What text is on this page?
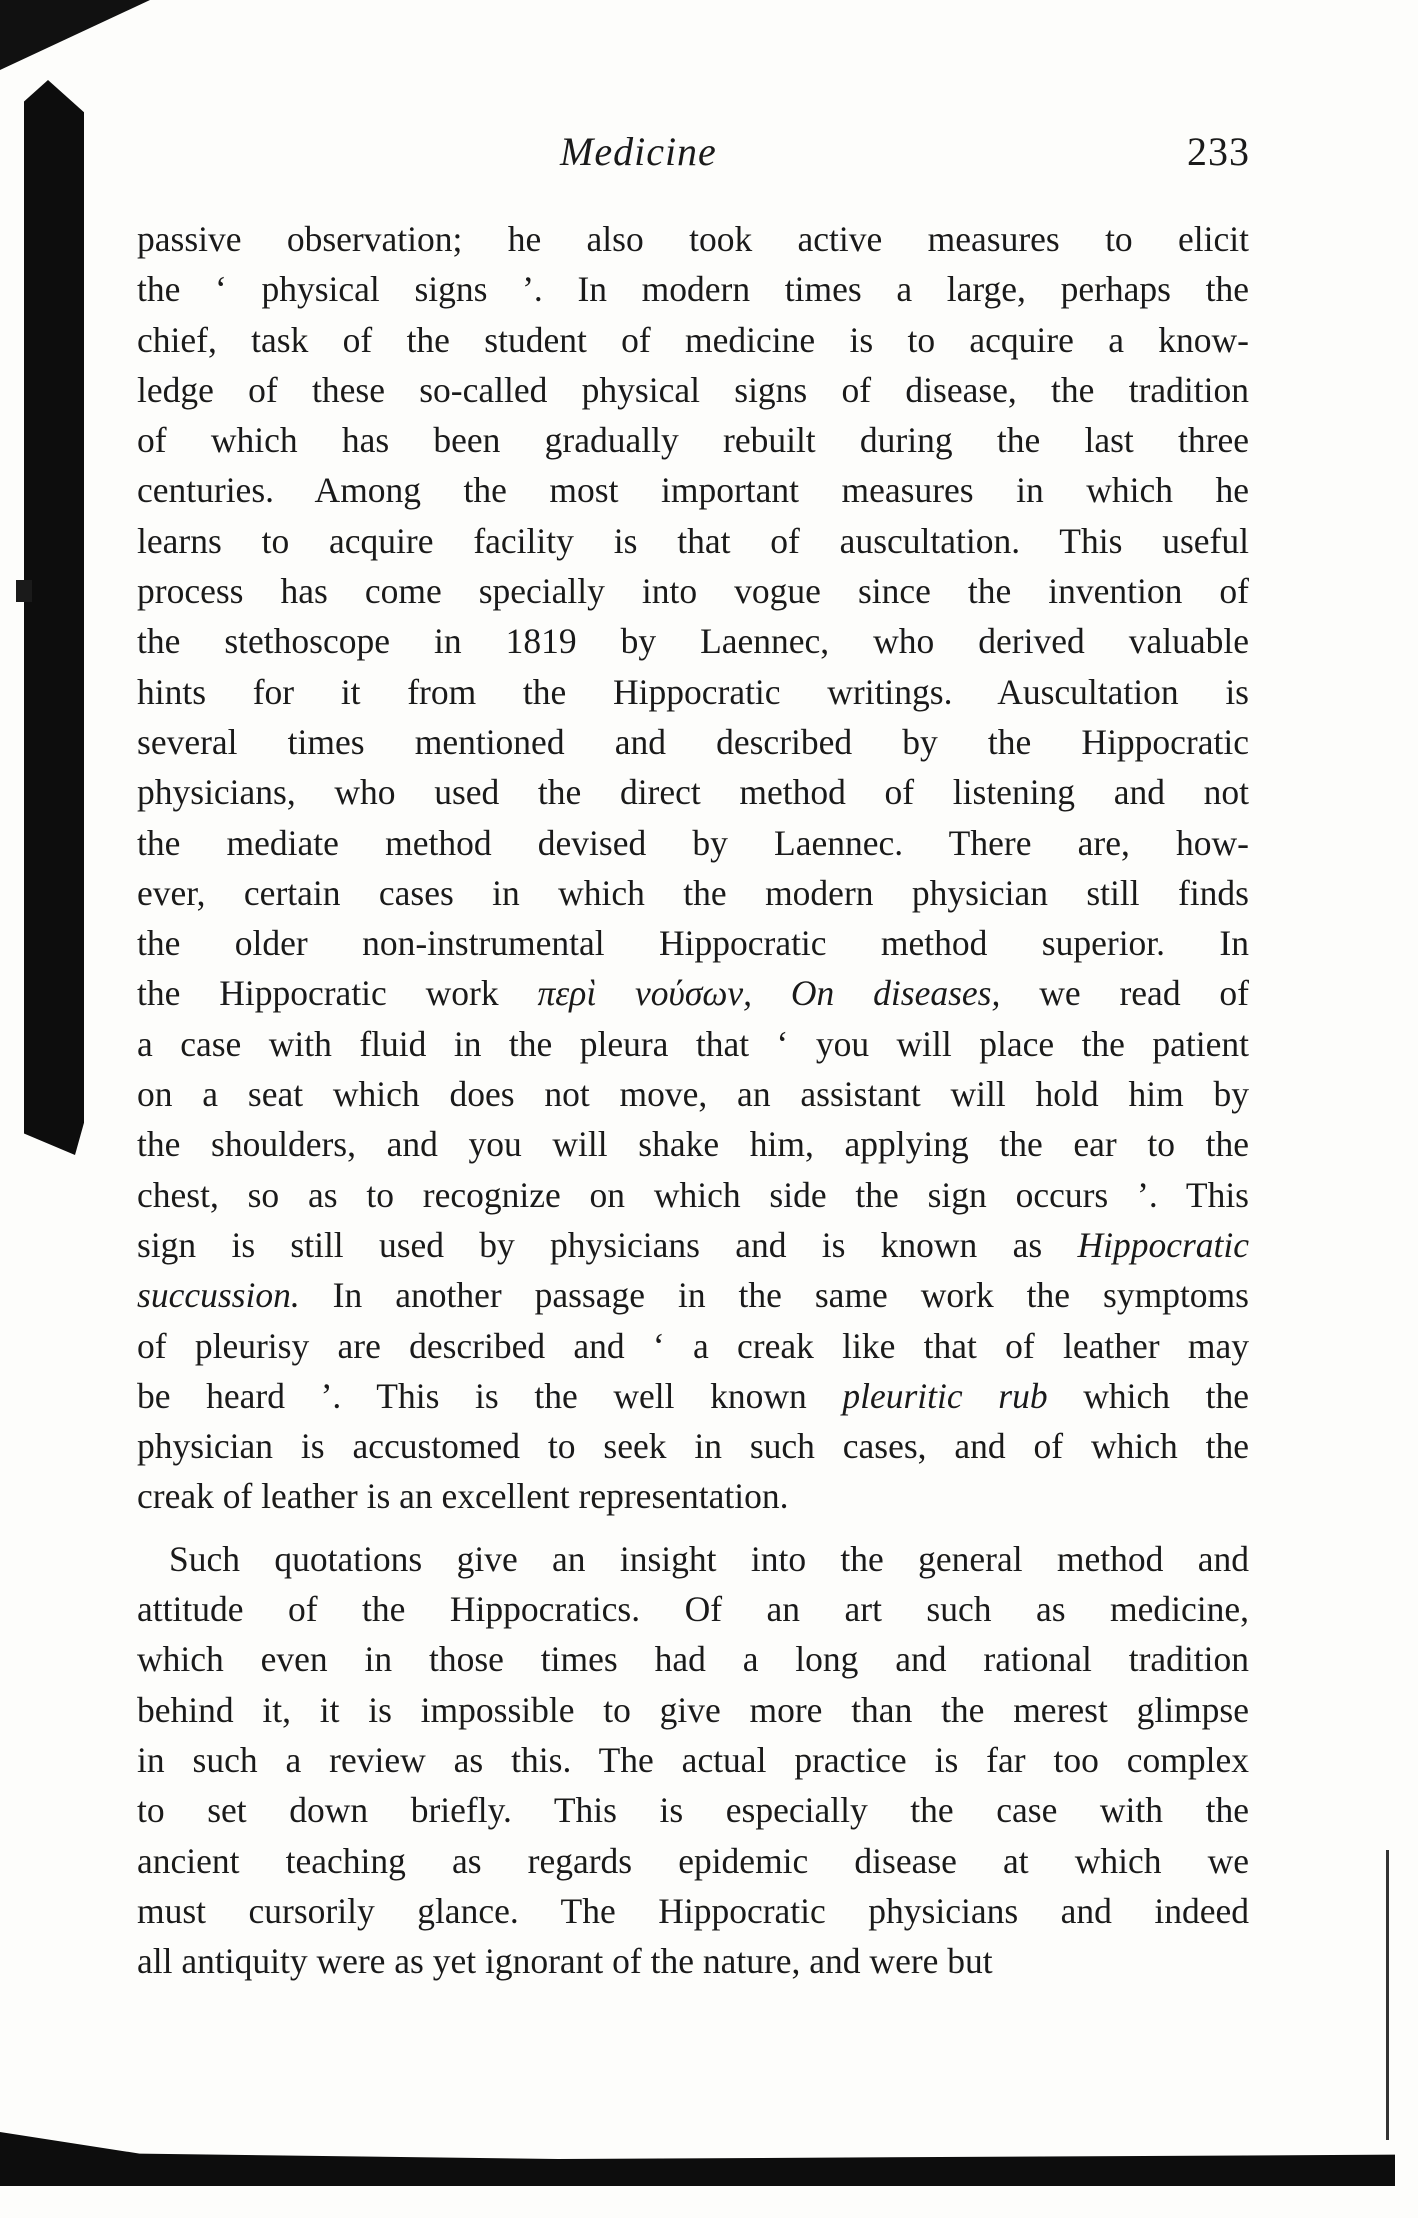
Medicine	233
passive observation; he also took active measures to elicit
the ‘ physical signs ’. In modern times a large, perhaps the
chief, task of the student of medicine is to acquire a know-
ledge of these so-called physical signs of disease, the tradition
of which has been gradually rebuilt during the last three
centuries. Among the most important measures in which he
learns to acquire facility is that of auscultation. This useful
process has come specially into vogue since the invention of
the stethoscope in 1819 by Laennec, who derived valuable
hints for it from the Hippocratic writings. Auscultation is
several times mentioned and described by the Hippocratic
physicians, who used the direct method of listening and not
the mediate method devised by Laennec. There are, how-
ever, certain cases in which the modern physician still finds
the older non-instrumental Hippocratic method superior. In
the Hippocratic work περὶ νούσων, On diseases, we read of
a case with fluid in the pleura that ‘ you will place the patient
on a seat which does not move, an assistant will hold him by
the shoulders, and you will shake him, applying the ear to the
chest, so as to recognize on which side the sign occurs ’. This
sign is still used by physicians and is known as Hippocratic
succussion. In another passage in the same work the symptoms
of pleurisy are described and ‘ a creak like that of leather may
be heard ’. This is the well known pleuritic rub which the
physician is accustomed to seek in such cases, and of which the
creak of leather is an excellent representation.
Such quotations give an insight into the general method and
attitude of the Hippocratics. Of an art such as medicine,
which even in those times had a long and rational tradition
behind it, it is impossible to give more than the merest glimpse
in such a review as this. The actual practice is far too complex
to set down briefly. This is especially the case with the
ancient teaching as regards epidemic disease at which we
must cursorily glance. The Hippocratic physicians and indeed
all antiquity were as yet ignorant of the nature, and were but
